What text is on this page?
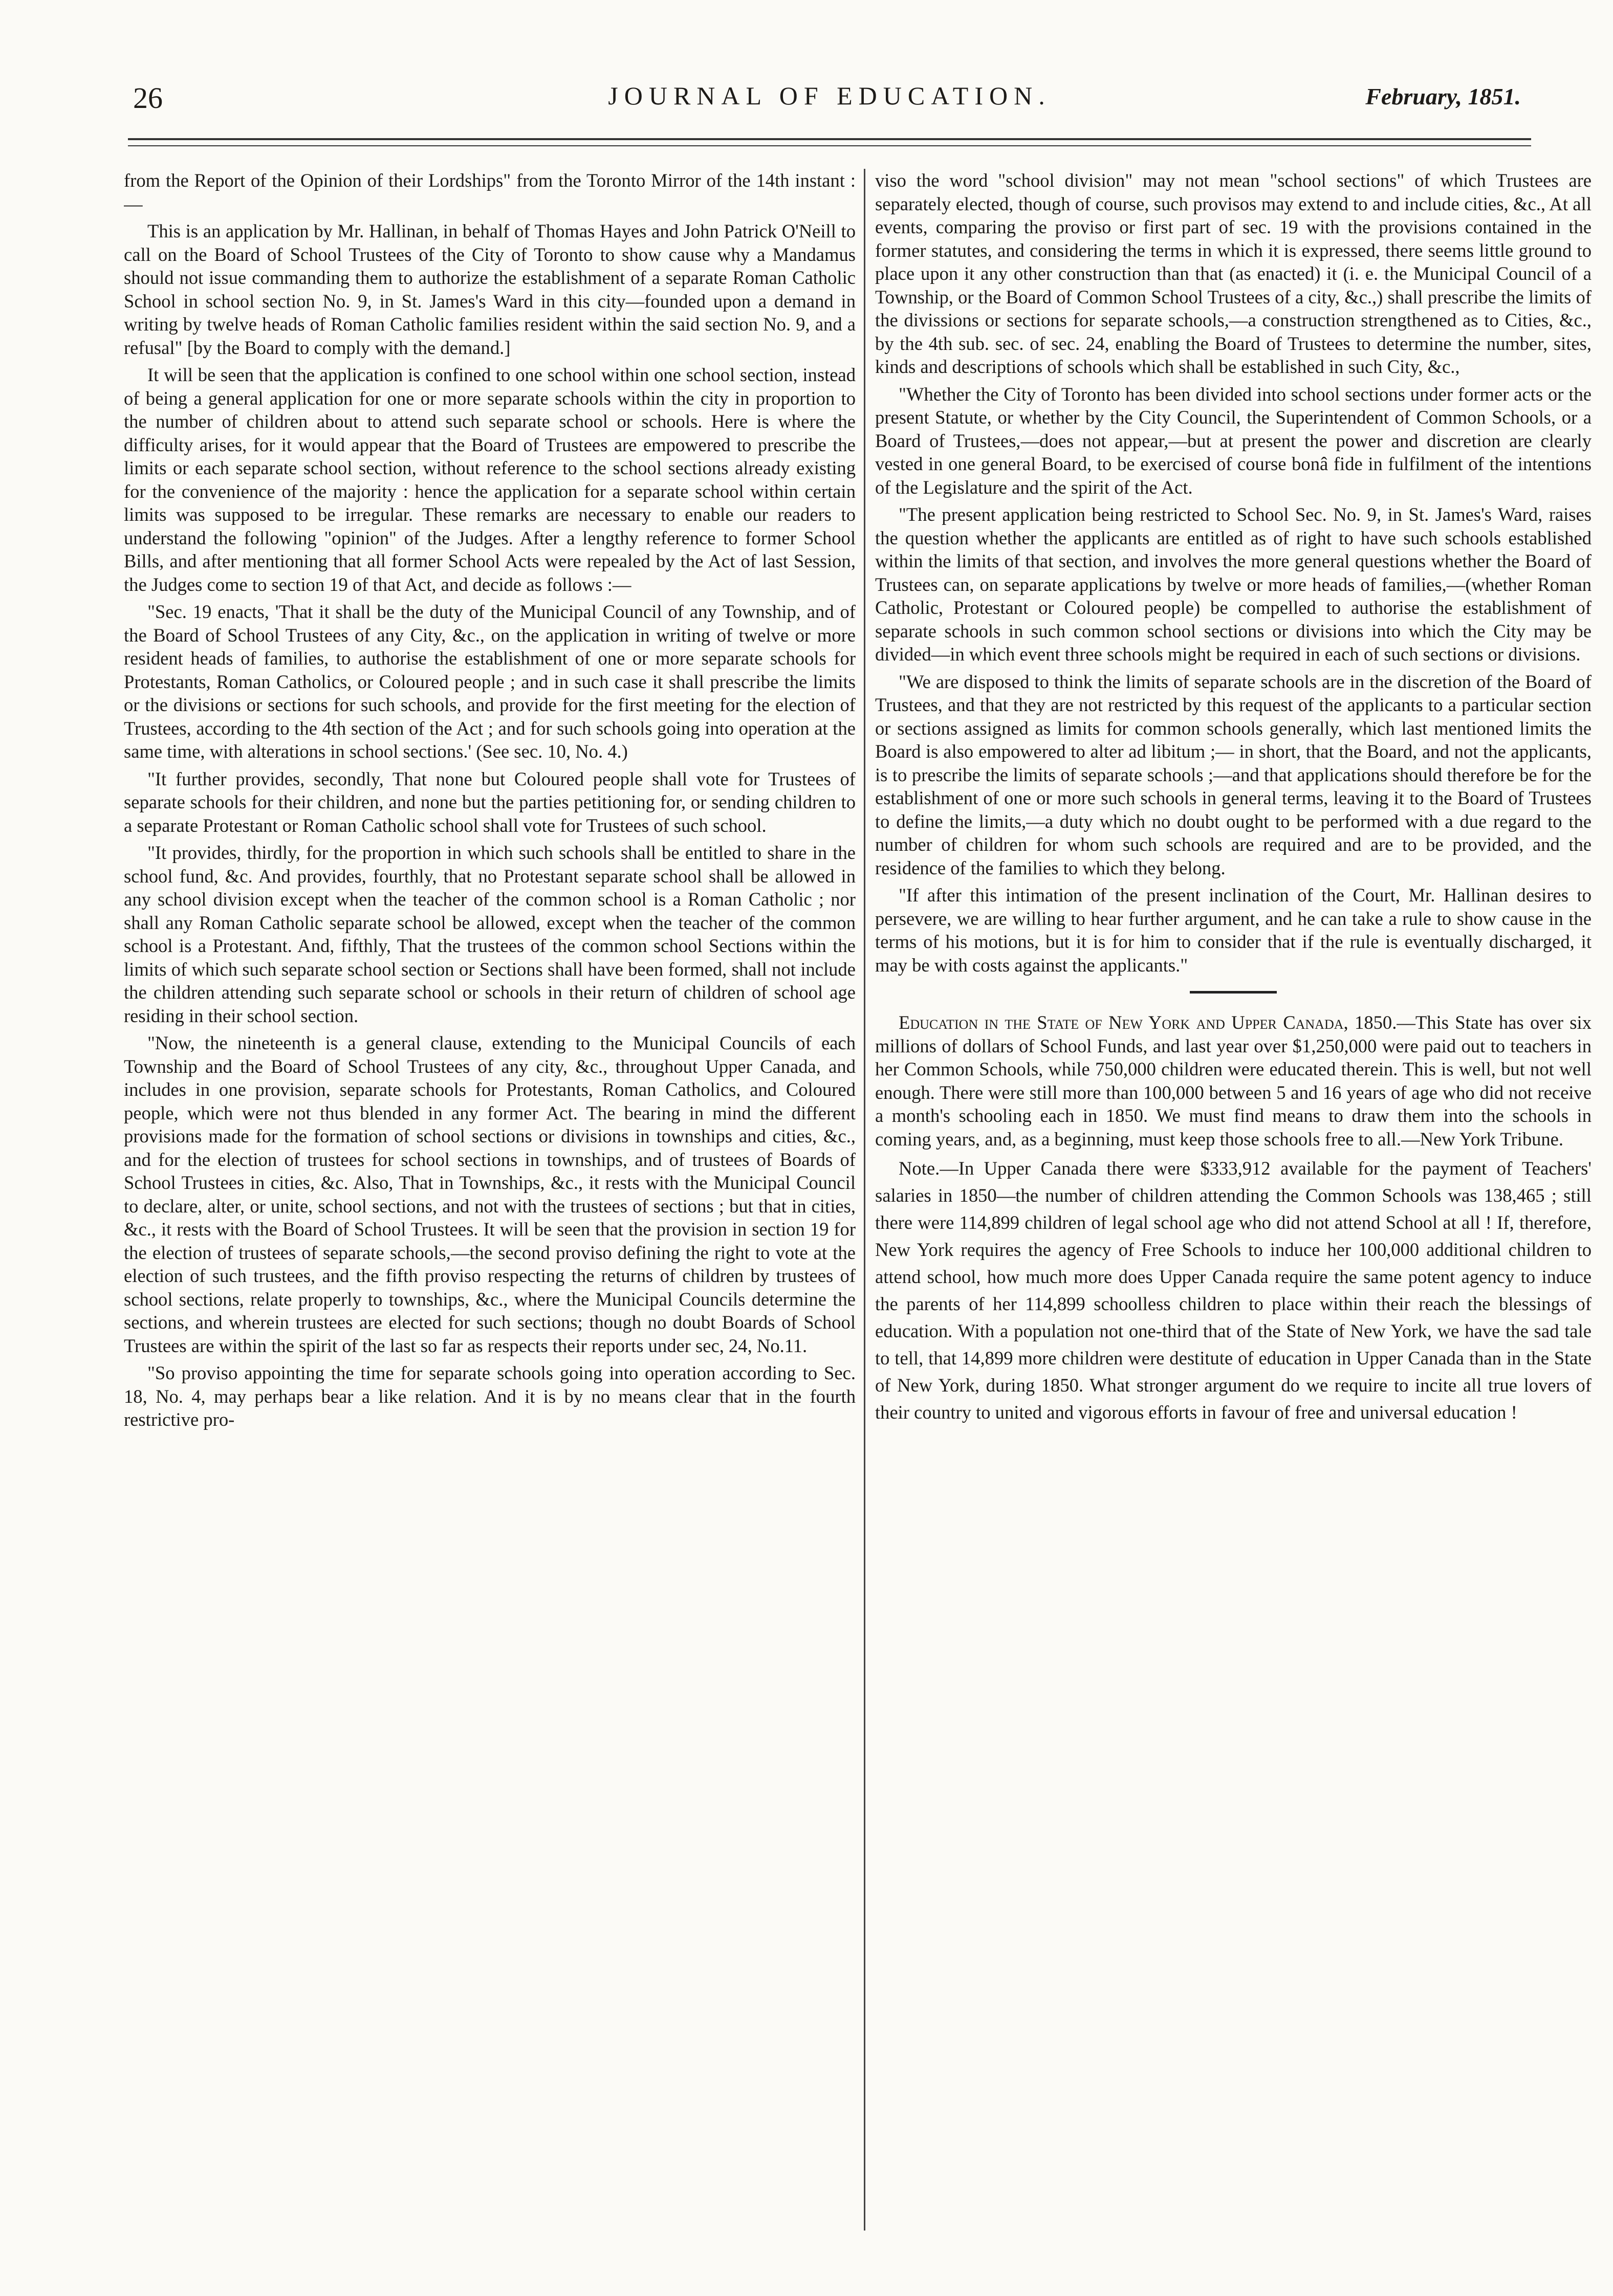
26	JOURNAL OF EDUCATION.	February, 1851.

from the Report of the Opinion of their Lordships" from the Toronto Mirror of the 14th instant :—

This is an application by Mr. Hallinan, in behalf of Thomas Hayes and John Patrick O'Neill to call on the Board of School Trustees of the City of Toronto to show cause why a Mandamus should not issue commanding them to authorize the establishment of a separate Roman Catholic School in school section No. 9, in St. James's Ward in this city—founded upon a demand in writing by twelve heads of Roman Catholic families resident within the said section No. 9, and a refusal" [by the Board to comply with the demand.]

It will be seen that the application is confined to one school within one school section, instead of being a general application for one or more separate schools within the city in proportion to the number of children about to attend such separate school or schools. Here is where the difficulty arises, for it would appear that the Board of Trustees are empowered to prescribe the limits or each separate school section, without reference to the school sections already existing for the convenience of the majority : hence the application for a separate school within certain limits was supposed to be irregular. These remarks are necessary to enable our readers to understand the following "opinion" of the Judges. After a lengthy reference to former School Bills, and after mentioning that all former School Acts were repealed by the Act of last Session, the Judges come to section 19 of that Act, and decide as follows :—

"Sec. 19 enacts, 'That it shall be the duty of the Municipal Council of any Township, and of the Board of School Trustees of any City, &c., on the application in writing of twelve or more resident heads of families, to authorise the establishment of one or more separate schools for Protestants, Roman Catholics, or Coloured people ; and in such case it shall prescribe the limits or the divisions or sections for such schools, and provide for the first meeting for the election of Trustees, according to the 4th section of the Act ; and for such schools going into operation at the same time, with alterations in school sections.' (See sec. 10, No. 4.)

"It further provides, secondly, That none but Coloured people shall vote for Trustees of separate schools for their children, and none but the parties petitioning for, or sending children to a separate Protestant or Roman Catholic school shall vote for Trustees of such school.

"It provides, thirdly, for the proportion in which such schools shall be entitled to share in the school fund, &c. And provides, fourthly, that no Protestant separate school shall be allowed in any school division except when the teacher of the common school is a Roman Catholic ; nor shall any Roman Catholic separate school be allowed, except when the teacher of the common school is a Protestant. And, fifthly, That the trustees of the common school Sections within the limits of which such separate school section or Sections shall have been formed, shall not include the children attending such separate school or schools in their return of children of school age residing in their school section.

"Now, the nineteenth is a general clause, extending to the Municipal Councils of each Township and the Board of School Trustees of any city, &c., throughout Upper Canada, and includes in one provision, separate schools for Protestants, Roman Catholics, and Coloured people, which were not thus blended in any former Act. The bearing in mind the different provisions made for the formation of school sections or divisions in townships and cities, &c., and for the election of trustees for school sections in townships, and of trustees of Boards of School Trustees in cities, &c. Also, That in Townships, &c., it rests with the Municipal Council to declare, alter, or unite, school sections, and not with the trustees of sections ; but that in cities, &c., it rests with the Board of School Trustees. It will be seen that the provision in section 19 for the election of trustees of separate schools,—the second proviso defining the right to vote at the election of such trustees, and the fifth proviso respecting the returns of children by trustees of school sections, relate properly to townships, &c., where the Municipal Councils determine the sections, and wherein trustees are elected for such sections; though no doubt Boards of School Trustees are within the spirit of the last so far as respects their reports under sec, 24, No.11.

"So proviso appointing the time for separate schools going into operation according to Sec. 18, No. 4, may perhaps bear a like relation. And it is by no means clear that in the fourth restrictive pro-

viso the word "school division" may not mean "school sections" of which Trustees are separately elected, though of course, such provisos may extend to and include cities, &c., At all events, comparing the proviso or first part of sec. 19 with the provisions contained in the former statutes, and considering the terms in which it is expressed, there seems little ground to place upon it any other construction than that (as enacted) it (i. e. the Municipal Council of a Township, or the Board of Common School Trustees of a city, &c.,) shall prescribe the limits of the divissions or sections for separate schools,—a construction strengthened as to Cities, &c., by the 4th sub. sec. of sec. 24, enabling the Board of Trustees to determine the number, sites, kinds and descriptions of schools which shall be established in such City, &c.,

"Whether the City of Toronto has been divided into school sections under former acts or the present Statute, or whether by the City Council, the Superintendent of Common Schools, or a Board of Trustees,—does not appear,—but at present the power and discretion are clearly vested in one general Board, to be exercised of course bonâ fide in fulfilment of the intentions of the Legislature and the spirit of the Act.

"The present application being restricted to School Sec. No. 9, in St. James's Ward, raises the question whether the applicants are entitled as of right to have such schools established within the limits of that section, and involves the more general questions whether the Board of Trustees can, on separate applications by twelve or more heads of families,—(whether Roman Catholic, Protestant or Coloured people) be compelled to authorise the establishment of separate schools in such common school sections or divisions into which the City may be divided—in which event three schools might be required in each of such sections or divisions.

"We are disposed to think the limits of separate schools are in the discretion of the Board of Trustees, and that they are not restricted by this request of the applicants to a particular section or sections assigned as limits for common schools generally, which last mentioned limits the Board is also empowered to alter ad libitum ;— in short, that the Board, and not the applicants, is to prescribe the limits of separate schools ;—and that applications should therefore be for the establishment of one or more such schools in general terms, leaving it to the Board of Trustees to define the limits,—a duty which no doubt ought to be performed with a due regard to the number of children for whom such schools are required and are to be provided, and the residence of the families to which they belong.

"If after this intimation of the present inclination of the Court, Mr. Hallinan desires to persevere, we are willing to hear further argument, and he can take a rule to show cause in the terms of his motions, but it is for him to consider that if the rule is eventually discharged, it may be with costs against the applicants."

Education in the State of New York and Upper Canada, 1850.—This State has over six millions of dollars of School Funds, and last year over $1,250,000 were paid out to teachers in her Common Schools, while 750,000 children were educated therein. This is well, but not well enough. There were still more than 100,000 between 5 and 16 years of age who did not receive a month's schooling each in 1850. We must find means to draw them into the schools in coming years, and, as a beginning, must keep those schools free to all.—New York Tribune.

Note.—In Upper Canada there were $333,912 available for the payment of Teachers' salaries in 1850—the number of children attending the Common Schools was 138,465 ; still there were 114,899 children of legal school age who did not attend School at all ! If, therefore, New York requires the agency of Free Schools to induce her 100,000 additional children to attend school, how much more does Upper Canada require the same potent agency to induce the parents of her 114,899 schoolless children to place within their reach the blessings of education. With a population not one-third that of the State of New York, we have the sad tale to tell, that 14,899 more children were destitute of education in Upper Canada than in the State of New York, during 1850. What stronger argument do we require to incite all true lovers of their country to united and vigorous efforts in favour of free and universal education !
